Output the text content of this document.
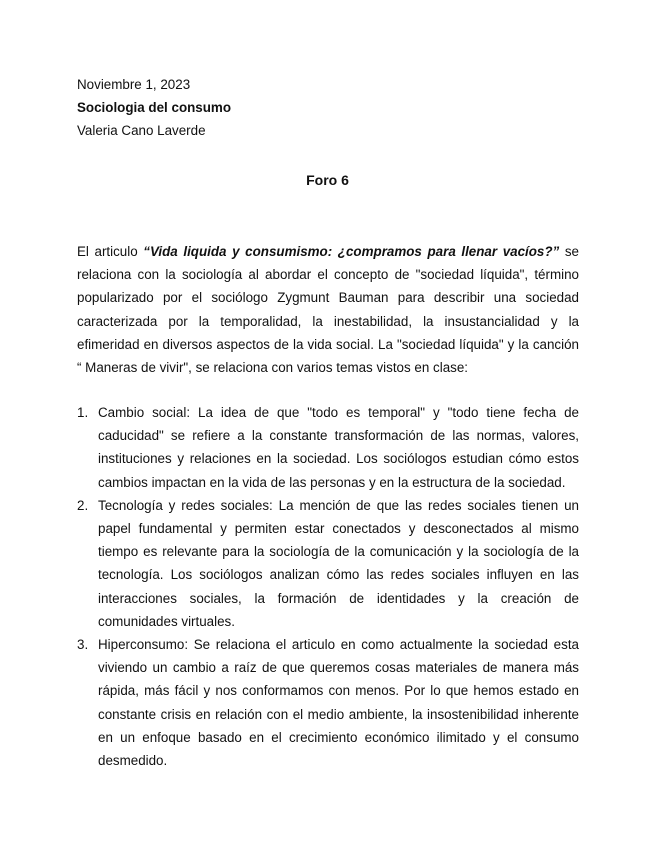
Noviembre 1, 2023
Sociologia del consumo
Valeria Cano Laverde
Foro 6

El articulo “Vida liquida y consumismo: ¿compramos para llenar vacíos?” se relaciona con la sociología al abordar el concepto de "sociedad líquida", término popularizado por el sociólogo Zygmunt Bauman para describir una sociedad caracterizada por la temporalidad, la inestabilidad, la insustancialidad y la efimeridad en diversos aspectos de la vida social. La "sociedad líquida" y la canción “ Maneras de vivir", se relaciona con varios temas vistos en clase:

1. Cambio social: La idea de que "todo es temporal" y "todo tiene fecha de caducidad" se refiere a la constante transformación de las normas, valores, instituciones y relaciones en la sociedad. Los sociólogos estudian cómo estos cambios impactan en la vida de las personas y en la estructura de la sociedad.
2. Tecnología y redes sociales: La mención de que las redes sociales tienen un papel fundamental y permiten estar conectados y desconectados al mismo tiempo es relevante para la sociología de la comunicación y la sociología de la tecnología. Los sociólogos analizan cómo las redes sociales influyen en las interacciones sociales, la formación de identidades y la creación de comunidades virtuales.
3. Hiperconsumo: Se relaciona el articulo en como actualmente la sociedad esta viviendo un cambio a raíz de que queremos cosas materiales de manera más rápida, más fácil y nos conformamos con menos. Por lo que hemos estado en constante crisis en relación con el medio ambiente, la insostenibilidad inherente en un enfoque basado en el crecimiento económico ilimitado y el consumo desmedido.
